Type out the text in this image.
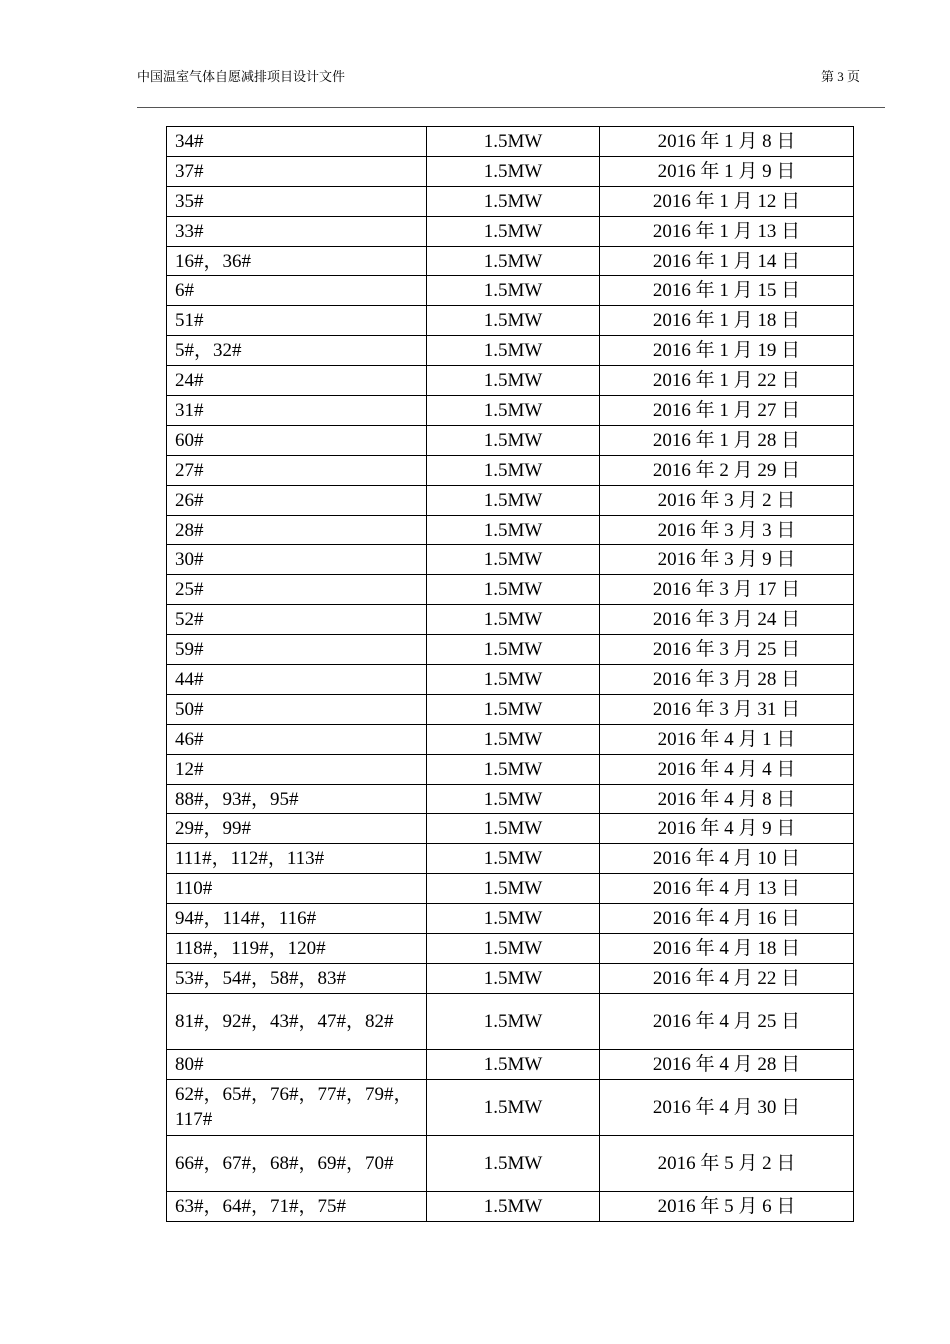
中国温室气体自愿减排项目设计文件	第 3 页
34#	1.5MW	2016 年 1 月 8 日
37#	1.5MW	2016 年 1 月 9 日
35#	1.5MW	2016 年 1 月 12 日
33#	1.5MW	2016 年 1 月 13 日
16#，36#	1.5MW	2016 年 1 月 14 日
6#	1.5MW	2016 年 1 月 15 日
51#	1.5MW	2016 年 1 月 18 日
5#，32#	1.5MW	2016 年 1 月 19 日
24#	1.5MW	2016 年 1 月 22 日
31#	1.5MW	2016 年 1 月 27 日
60#	1.5MW	2016 年 1 月 28 日
27#	1.5MW	2016 年 2 月 29 日
26#	1.5MW	2016 年 3 月 2 日
28#	1.5MW	2016 年 3 月 3 日
30#	1.5MW	2016 年 3 月 9 日
25#	1.5MW	2016 年 3 月 17 日
52#	1.5MW	2016 年 3 月 24 日
59#	1.5MW	2016 年 3 月 25 日
44#	1.5MW	2016 年 3 月 28 日
50#	1.5MW	2016 年 3 月 31 日
46#	1.5MW	2016 年 4 月 1 日
12#	1.5MW	2016 年 4 月 4 日
88#，93#，95#	1.5MW	2016 年 4 月 8 日
29#，99#	1.5MW	2016 年 4 月 9 日
111#，112#，113#	1.5MW	2016 年 4 月 10 日
110#	1.5MW	2016 年 4 月 13 日
94#，114#，116#	1.5MW	2016 年 4 月 16 日
118#，119#，120#	1.5MW	2016 年 4 月 18 日
53#，54#，58#，83#	1.5MW	2016 年 4 月 22 日
81#，92#，43#，47#，82#	1.5MW	2016 年 4 月 25 日
80#	1.5MW	2016 年 4 月 28 日
62#，65#，76#，77#，79#，117#	1.5MW	2016 年 4 月 30 日
66#，67#，68#，69#，70#	1.5MW	2016 年 5 月 2 日
63#，64#，71#，75#	1.5MW	2016 年 5 月 6 日
